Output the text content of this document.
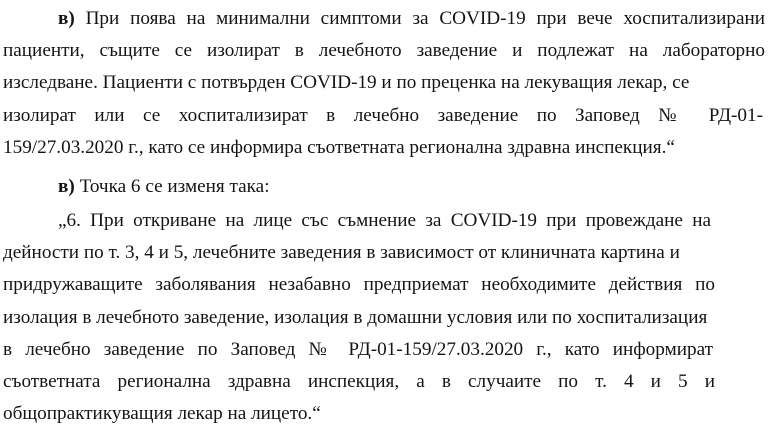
в) При поява на минимални симптоми за COVID-19 при вече хоспитализирани
пациенти, същите се изолират в лечебното заведение и подлежат на лабораторно
изследване. Пациенти с потвърден COVID-19 и по преценка на лекуващия лекар, се
изолират или се хоспитализират в лечебно заведение по Заповед № РД-01-
159/27.03.2020 г., като се информира съответната регионална здравна инспекция.“
в) Точка 6 се изменя така:
„6. При откриване на лице със съмнение за COVID-19 при провеждане на
дейности по т. 3, 4 и 5, лечебните заведения в зависимост от клиничната картина и
придружаващите заболявания незабавно предприемат необходимите действия по
изолация в лечебното заведение, изолация в домашни условия или по хоспитализация
в лечебно заведение по Заповед № РД-01-159/27.03.2020 г., като информират
съответната регионална здравна инспекция, а в случаите по т. 4 и 5 и
общопрактикуващия лекар на лицето.“
